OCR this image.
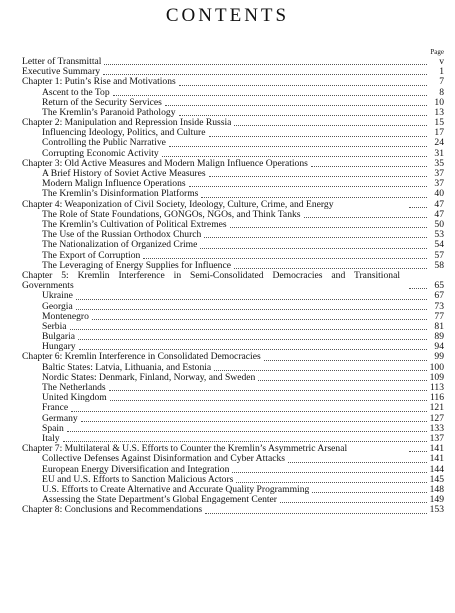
CONTENTS
Page
Letter of Transmittal	v
Executive Summary	1
Chapter 1: Putin’s Rise and Motivations	7
Ascent to the Top	8
Return of the Security Services	10
The Kremlin’s Paranoid Pathology	13
Chapter 2: Manipulation and Repression Inside Russia	15
Influencing Ideology, Politics, and Culture	17
Controlling the Public Narrative	24
Corrupting Economic Activity	31
Chapter 3: Old Active Measures and Modern Malign Influence Operations	35
A Brief History of Soviet Active Measures	37
Modern Malign Influence Operations	37
The Kremlin’s Disinformation Platforms	40
Chapter 4: Weaponization of Civil Society, Ideology, Culture, Crime, and Energy	47
The Role of State Foundations, GONGOs, NGOs, and Think Tanks	47
The Kremlin’s Cultivation of Political Extremes	50
The Use of the Russian Orthodox Church	53
The Nationalization of Organized Crime	54
The Export of Corruption	57
The Leveraging of Energy Supplies for Influence	58
Chapter 5: Kremlin Interference in Semi-Consolidated Democracies and Transitional Governments	65
Ukraine	67
Georgia	73
Montenegro	77
Serbia	81
Bulgaria	89
Hungary	94
Chapter 6: Kremlin Interference in Consolidated Democracies	99
Baltic States: Latvia, Lithuania, and Estonia	100
Nordic States: Denmark, Finland, Norway, and Sweden	109
The Netherlands	113
United Kingdom	116
France	121
Germany	127
Spain	133
Italy	137
Chapter 7: Multilateral & U.S. Efforts to Counter the Kremlin’s Asymmetric Arsenal	141
Collective Defenses Against Disinformation and Cyber Attacks	141
European Energy Diversification and Integration	144
EU and U.S. Efforts to Sanction Malicious Actors	145
U.S. Efforts to Create Alternative and Accurate Quality Programming	148
Assessing the State Department’s Global Engagement Center	149
Chapter 8: Conclusions and Recommendations	153
